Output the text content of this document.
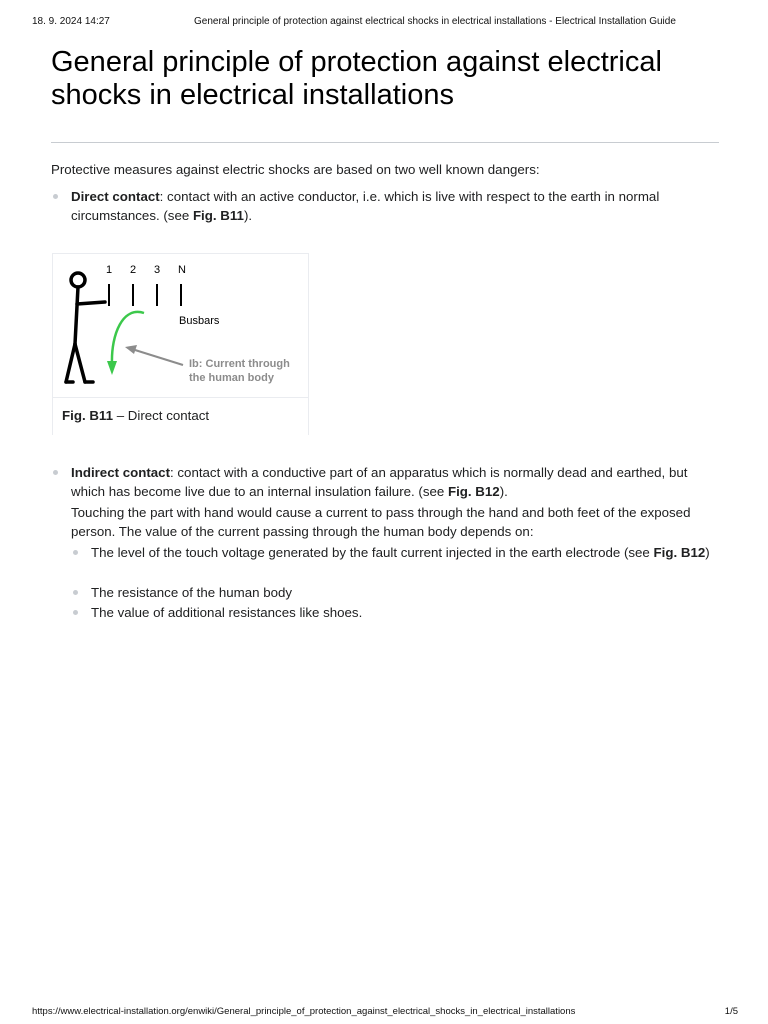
18. 9. 2024 14:27	General principle of protection against electrical shocks in electrical installations - Electrical Installation Guide
General principle of protection against electrical shocks in electrical installations

Protective measures against electric shocks are based on two well known dangers:

Direct contact: contact with an active conductor, i.e. which is live with respect to the earth in normal circumstances. (see Fig. B11).

Indirect contact: contact with a conductive part of an apparatus which is normally dead and earthed, but which has become live due to an internal insulation failure. (see Fig. B12).

Touching the part with hand would cause a current to pass through the hand and both feet of the exposed person. The value of the current passing through the human body depends on:

The level of the touch voltage generated by the fault current injected in the earth electrode (see Fig. B12)

The resistance of the human body

The value of additional resistances like shoes.

1 2 3 N
Busbars
Ib: Current through
the human body
Fig. B11 – Direct contact
https://www.electrical-installation.org/enwiki/General_principle_of_protection_against_electrical_shocks_in_electrical_installations	1/5
